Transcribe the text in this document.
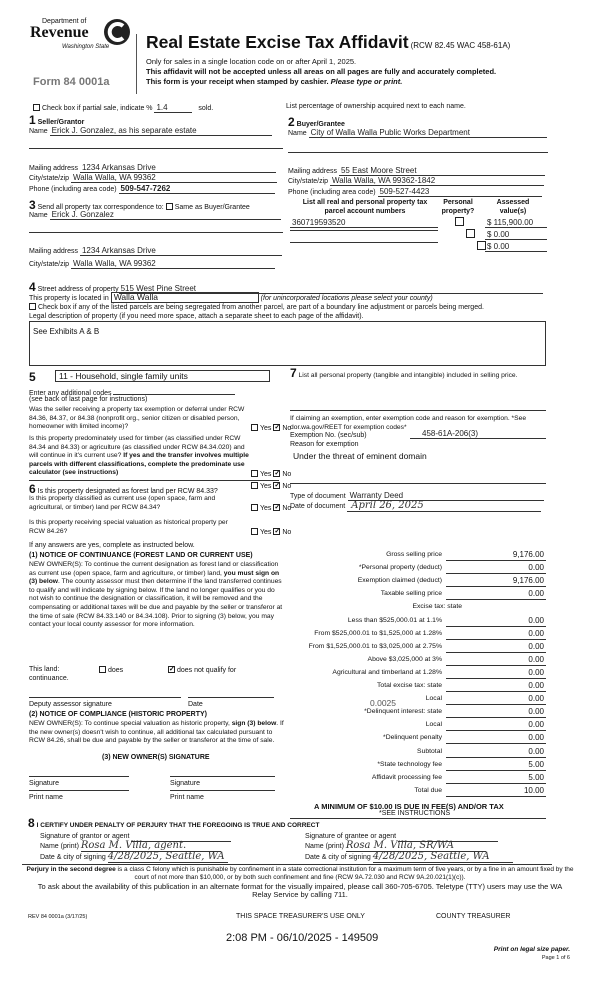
Department of
Revenue
Washington State
Form 84 0001a
Real Estate Excise Tax Affidavit (RCW 82.45 WAC 458-61A)
Only for sales in a single location code on or after April 1, 2025.
This affidavit will not be accepted unless all areas on all pages are fully and accurately completed.
This form is your receipt when stamped by cashier. Please type or print.
Check box if partial sale, indicate % 1.4	sold.	List percentage of ownership acquired next to each name.
1 Seller/Grantor
Name Erick J. Gonzalez, as his separate estate
Mailing address 1234 Arkansas Drive
City/state/zip Walla Walla, WA 99362
Phone (including area code) 509-547-7262
2 Buyer/Grantee
Name City of Walla Walla Public Works Department
Mailing address 55 East Moore Street
City/state/zip Walla Walla, WA 99362-1842
Phone (including area code) 509-527-4423
3 Send all property tax correspondence to: Same as Buyer/Grantee
Name Erick J. Gonzalez
Mailing address 1234 Arkansas Drive
City/state/zip Walla Walla, WA 99362
List all real and personal property tax parcel account numbers
Personal property?
Assessed value(s)
360719593520	$ 115,900.00
$ 0.00
$ 0.00
4 Street address of property 515 West Pine Street
This property is located in Walla Walla	(for unincorporated locations please select your county)
Check box if any of the listed parcels are being segregated from another parcel, are part of a boundary line adjustment or parcels being merged.
Legal description of property (if you need more space, attach a separate sheet to each page of the affidavit).
See Exhibits A & B
5	11 - Household, single family units
Enter any additional codes
(see back of last page for instructions)
Was the seller receiving a property tax exemption or deferral under RCW 84.36, 84.37, or 84.38 (nonprofit org., senior citizen or disabled person, homeowner with limited income)?	Yes ✓ No
Is this property predominately used for timber (as classified under RCW 84.34 and 84.33) or agriculture (as classified under RCW 84.34.020) and will continue in it's current use? If yes and the transfer involves multiple parcels with different classifications, complete the predominate use calculator (see instructions)	Yes ✓ No
6 Is this property designated as forest land per RCW 84.33?
Yes ✓ No
Is this property classified as current use (open space, farm and agricultural, or timber) land per RCW 84.34?	Yes ✓ No
Is this property receiving special valuation as historical property per RCW 84.26?	Yes ✓ No
If any answers are yes, complete as instructed below.
(1) NOTICE OF CONTINUANCE (FOREST LAND OR CURRENT USE)
NEW OWNER(S): To continue the current designation as forest land or classification as current use (open space, farm and agriculture, or timber) land, you must sign on (3) below. The county assessor must then determine if the land transferred continues to qualify and will indicate by signing below. If the land no longer qualifies or you do not wish to continue the designation or classification, it will be removed and the compensating or additional taxes will be due and payable by the seller or transferor at the time of sale (RCW 84.33.140 or 84.34.108). Prior to signing (3) below, you may contact your local county assessor for more information.
This land:	does ✓	does not qualify for
continuance.
Deputy assessor signature	Date
(2) NOTICE OF COMPLIANCE (HISTORIC PROPERTY)
NEW OWNER(S): To continue special valuation as historic property, sign (3) below. If the new owner(s) doesn't wish to continue, all additional tax calculated pursuant to RCW 84.26, shall be due and payable by the seller or transferor at the time of sale.
(3) NEW OWNER(S) SIGNATURE
Signature	Signature
Print name	Print name
7 List all personal property (tangible and intangible) included in selling price.
If claiming an exemption, enter exemption code and reason for exemption. *See dor.wa.gov/REET for exemption codes*
Exemption No. (sec/sub)	458-61A-206(3)
Reason for exemption
Under the threat of eminent domain
Type of document Warranty Deed
Date of document April 26, 2025
Gross selling price	9,176.00
*Personal property (deduct)	0.00
Exemption claimed (deduct)	9,176.00
Taxable selling price	0.00
Excise tax: state
Less than $525,000.01 at 1.1%	0.00
From $525,000.01 to $1,525,000 at 1.28%	0.00
From $1,525,000.01 to $3,025,000 at 2.75%	0.00
Above $3,025,000 at 3%	0.00
Agricultural and timberland at 1.28%	0.00
Total excise tax: state	0.00
Local	0.00
*Delinquent interest: state	0.00
Local	0.00
*Delinquent penalty	0.00
Subtotal	0.00
*State technology fee	5.00
Affidavit processing fee	5.00
Total due	10.00
0.0025
A MINIMUM OF $10.00 IS DUE IN FEE(S) AND/OR TAX
*SEE INSTRUCTIONS
8 I CERTIFY UNDER PENALTY OF PERJURY THAT THE FOREGOING IS TRUE AND CORRECT
Signature of grantor or agent
Name (print) Rosa M. Villa, agent.
Date & city of signing 4/28/2025, Seattle, WA
Signature of grantee or agent
Name (print) Rosa M. Villa, SR/WA
Date & city of signing 4/28/2025, Seattle, WA
Perjury in the second degree is a class C felony which is punishable by confinement in a state correctional institution for a maximum term of five years, or by a fine in an amount fixed by the court of not more than $10,000, or by both such confinement and fine (RCW 9A.72.030 and RCW 9A.20.021(1)(c)).
To ask about the availability of this publication in an alternate format for the visually impaired, please call 360-705-6705. Teletype (TTY) users may use the WA Relay Service by calling 711.
REV 84 0001a (3/17/25)	THIS SPACE TREASURER'S USE ONLY	COUNTY TREASURER
2:08 PM - 06/10/2025 - 149509
Print on legal size paper.
Page 1 of 6
